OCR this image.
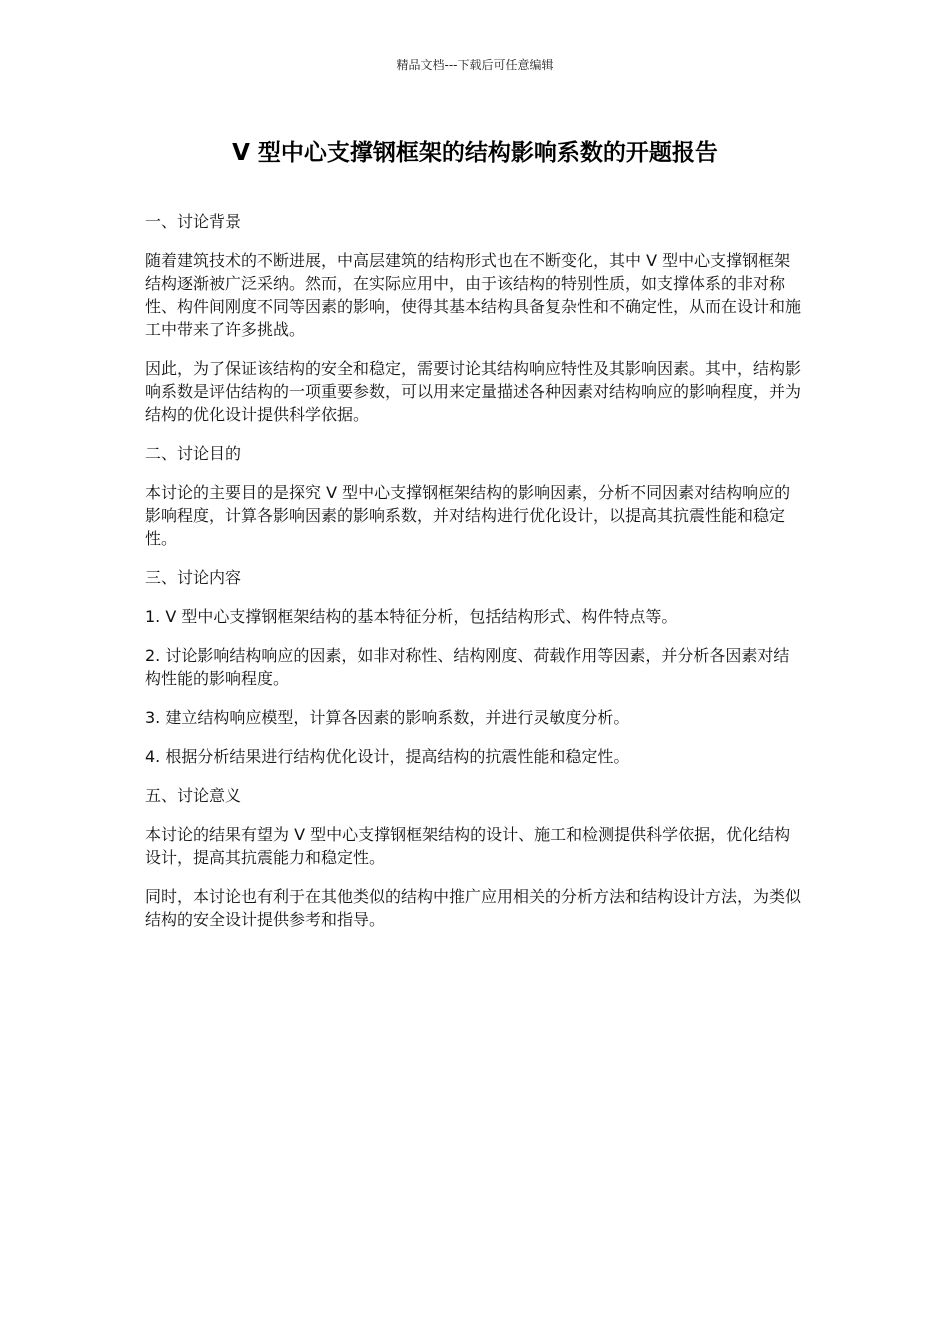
精品文档---下载后可任意编辑
V 型中心支撑钢框架的结构影响系数的开题报告
一、讨论背景

随着建筑技术的不断进展，中高层建筑的结构形式也在不断变化，其中 V 型中心支撑钢框架结构逐渐被广泛采纳。然而，在实际应用中，由于该结构的特别性质，如支撑体系的非对称性、构件间刚度不同等因素的影响，使得其基本结构具备复杂性和不确定性，从而在设计和施工中带来了许多挑战。

因此，为了保证该结构的安全和稳定，需要讨论其结构响应特性及其影响因素。其中，结构影响系数是评估结构的一项重要参数，可以用来定量描述各种因素对结构响应的影响程度，并为结构的优化设计提供科学依据。

二、讨论目的

本讨论的主要目的是探究 V 型中心支撑钢框架结构的影响因素，分析不同因素对结构响应的影响程度，计算各影响因素的影响系数，并对结构进行优化设计，以提高其抗震性能和稳定性。

三、讨论内容

1. V 型中心支撑钢框架结构的基本特征分析，包括结构形式、构件特点等。

2. 讨论影响结构响应的因素，如非对称性、结构刚度、荷载作用等因素，并分析各因素对结构性能的影响程度。

3. 建立结构响应模型，计算各因素的影响系数，并进行灵敏度分析。

4. 根据分析结果进行结构优化设计，提高结构的抗震性能和稳定性。

五、讨论意义

本讨论的结果有望为 V 型中心支撑钢框架结构的设计、施工和检测提供科学依据，优化结构设计，提高其抗震能力和稳定性。

同时，本讨论也有利于在其他类似的结构中推广应用相关的分析方法和结构设计方法，为类似结构的安全设计提供参考和指导。
